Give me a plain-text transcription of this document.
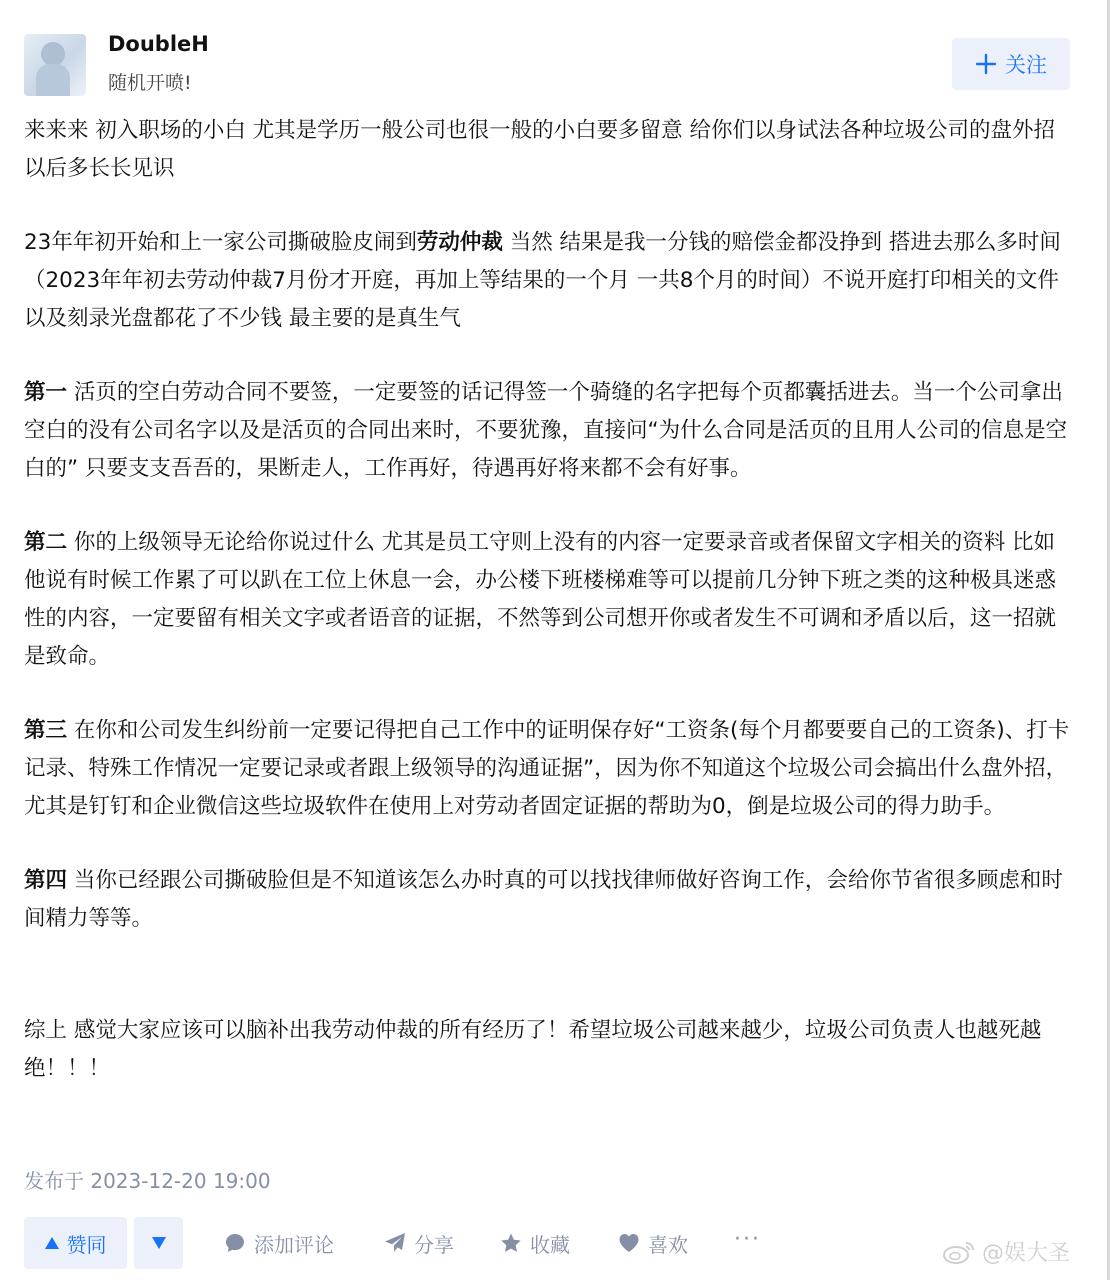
DoubleH
随机开喷!
关注

来来来 初入职场的小白 尤其是学历一般公司也很一般的小白要多留意 给你们以身试法各种垃圾公司的盘外招 以后多长长见识

23年年初开始和上一家公司撕破脸皮闹到劳动仲裁 当然 结果是我一分钱的赔偿金都没挣到 搭进去那么多时间（2023年年初去劳动仲裁7月份才开庭，再加上等结果的一个月 一共8个月的时间）不说开庭打印相关的文件以及刻录光盘都花了不少钱 最主要的是真生气

第一 活页的空白劳动合同不要签，一定要签的话记得签一个骑缝的名字把每个页都囊括进去。当一个公司拿出空白的没有公司名字以及是活页的合同出来时，不要犹豫，直接问“为什么合同是活页的且用人公司的信息是空白的” 只要支支吾吾的，果断走人，工作再好，待遇再好将来都不会有好事。

第二 你的上级领导无论给你说过什么 尤其是员工守则上没有的内容一定要录音或者保留文字相关的资料 比如 他说有时候工作累了可以趴在工位上休息一会，办公楼下班楼梯难等可以提前几分钟下班之类的这种极具迷惑性的内容，一定要留有相关文字或者语音的证据，不然等到公司想开你或者发生不可调和矛盾以后，这一招就是致命。

第三 在你和公司发生纠纷前一定要记得把自己工作中的证明保存好“工资条(每个月都要要自己的工资条)、打卡记录、特殊工作情况一定要记录或者跟上级领导的沟通证据”，因为你不知道这个垃圾公司会搞出什么盘外招，尤其是钉钉和企业微信这些垃圾软件在使用上对劳动者固定证据的帮助为0，倒是垃圾公司的得力助手。

第四 当你已经跟公司撕破脸但是不知道该怎么办时真的可以找找律师做好咨询工作，会给你节省很多顾虑和时间精力等等。

综上 感觉大家应该可以脑补出我劳动仲裁的所有经历了！希望垃圾公司越来越少，垃圾公司负责人也越死越绝！！！

发布于 2023-12-20 19:00
赞同	添加评论	分享	收藏	喜欢 ···
@娱大圣
